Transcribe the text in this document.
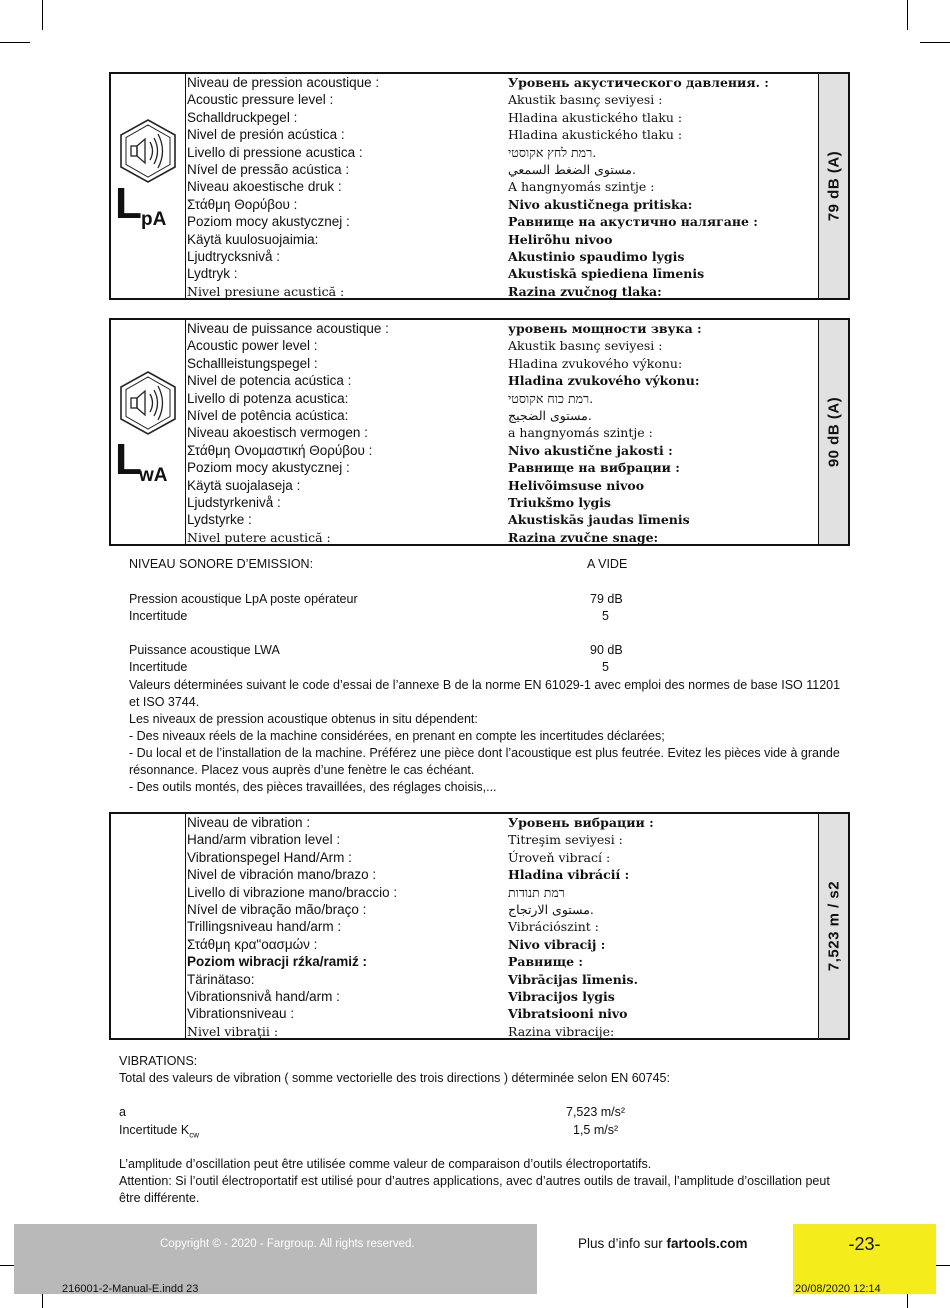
L pA
Niveau de pression acoustique :	Уровень акустического давления. :
Acoustic pressure level :	Akustik basınç seviyesi :
Schalldruckpegel :	Hladina akustického tlaku :
Nivel de presión acústica :	Hladina akustického tlaku :
Livello di pressione acustica :	רמת לחץ אקוסטי.
Nível de pressão acústica :	مستوى الضغط السمعي.
Niveau akoestische druk :	A hangnyomás szintje :
Στάθμη Θορύβου :	Nivo akustičnega pritiska:
Poziom mocy akustycznej :	Равнище на акустично налягане :
Käytä kuulosuojaimia:	Helirõhu nivoo
Ljudtrycksnivå :	Akustinio spaudimo lygis
Lydtryk :	Akustiskā spiediena līmenis
Nivel presiune acustică :	Razina zvučnog tlaka:
79 dB (A)
L
wA
Niveau de puissance acoustique :	уровень мощности звука :
Acoustic power level :	Akustik basınç seviyesi :
Schallleistungspegel :	Hladina zvukového výkonu:
Nivel de potencia acústica :	Hladina zvukového výkonu:
Livello di potenza acustica:	רמת כוח אקוסטי.
Nível de potência acústica:	مستوى الضجيج.
Niveau akoestisch vermogen :	a hangnyomás szintje :
Στάθμη Ονομαστική Θορύβου :	Nivo akustične jakosti :
Poziom mocy akustycznej :	Равнище на вибрации :
Käytä suojalaseja :	Helivõimsuse nivoo
Ljudstyrkenivå :	Triukšmo lygis
Lydstyrke :	Akustiskās jaudas līmenis
Nivel putere acustică :	Razina zvučne snage:
90 dB (A)
NIVEAU SONORE D’EMISSION:	A VIDE
Pression acoustique LpA poste opérateur	79 dB
Incertitude	5
Puissance acoustique LWA	90 dB
Incertitude	5
Valeurs déterminées suivant le code d’essai de l’annexe B de la norme EN 61029-1 avec emploi des normes de base ISO 11201 et ISO 3744.
Les niveaux de pression acoustique obtenus in situ dépendent:
- Des niveaux réels de la machine considérées, en prenant en compte les incertitudes déclarées;
- Du local et de l’installation de la machine. Préférez une pièce dont l’acoustique est plus feutrée. Evitez les pièces vide à grande résonnance. Placez vous auprès d’une fenètre le cas échéant.
- Des outils montés, des pièces travaillées, des réglages choisis,...
Niveau de vibration :	Уровень вибрации :
Hand/arm vibration level :	Titreşim seviyesi :
Vibrationspegel Hand/Arm :	Úroveň vibrací :
Nivel de vibración mano/brazo :	Hladina vibrácií :
Livello di vibrazione mano/braccio :	רמת תנודות
Nível de vibração mão/braço :	مستوى الارتجاج.
Trillingsniveau hand/arm :	Vibrációszint :
Στάθμη κρα"οασμών :	Nivo vibracij :
Poziom wibracji rźka/ramiź :	Равнище :
Tärinätaso:	Vibrācijas līmenis.
Vibrationsnivå hand/arm :	Vibracijos lygis
Vibrationsniveau :	Vibratsiooni nivo
Nivel vibraţii :	Razina vibracije:
7,523 m / s2
VIBRATIONS:
Total des valeurs de vibration ( somme vectorielle des trois directions ) déterminée selon EN 60745:
a	7,523 m/s²
Incertitude $K_{cw}$	1,5 m/s²
L’amplitude d’oscillation peut être utilisée comme valeur de comparaison d’outils électroportatifs.
Attention: Si l’outil électroportatif est utilisé pour d’autres applications, avec d’autres outils de travail, l’amplitude d’oscillation peut être différente.
Copyright © - 2020 - Fargroup. All rights reserved.	Plus d’info sur fartools.com	-23-
216001-2-Manual-E.indd 23	20/08/2020 12:14
